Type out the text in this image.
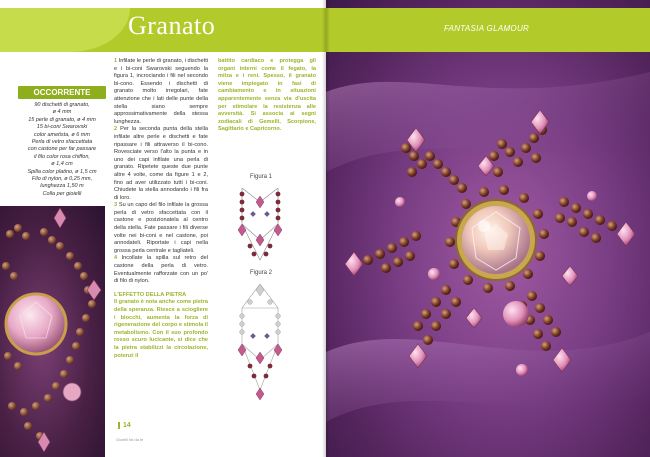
Granato
OCCORRENTE
90 dischetti di granato,
ø 4 mm
15 perle di granato, ø 4 mm
15 bi-coni Swarovski
color ametista, ø 6 mm
Perla di vetro sfaccettata
con castone per far passare
il filo color rosa chiffon,
ø 1,4 cm
Spilla color platino, ø 1,5 cm
Filo di nylon, ø 0,25 mm,
lunghezza 1,50 m
Colla per gioielli

1 Infilate le perle di granato, i dischetti e i bi-coni Swarovski seguendo la figura 1, incrociando i fili nel secondo bi-cono. Essendo i dischetti di granato molto irregolari, fate attenzione che i lati delle punte della stella siano sempre approssimativamente della stessa lunghezza.

2 Per la seconda punta della stella infilate altre perle e dischetti e fate ripassare i fili attraverso il bi-cono. Rovesciate verso l'alto la punta e in uno dei capi infilate una perla di granato. Ripetete queste due punte altre 4 volte, come da figure 1 e 2, fino ad aver utilizzato tutti i bi-coni. Chiudete la stella annodando i fili fra di loro.

3 Su un capo del filo infilate la grossa perla di vetro sfaccettata con il castone e posizionatela al centro della stella. Fate passare i fili diverse volte nei bi-coni e nel castone, poi annodateli. Riportate i capi nella grossa perla centrale e tagliateli.

4 Incollate la spilla sul retro del castone della perla di vetro. Eventualmente rafforzate con un po' di filo di nylon.

L'EFFETTO DELLA PIETRA

Il granato è nota anche come pietra della speranza. Riesce a sciogliere i blocchi, aumenta la forza di rigenerazione del corpo e stimola il metabolismo. Con il suo profondo rosso scuro lucicante, si dice che la pietra stabilizzi la circolazione, potenzi il

battito cardiaco e protegga gli organi interni come il fegato, la milza e i reni. Spesso, il granato viene impiegato in fasi di cambiamento e in situazioni apparentemente senza via d'uscita per stimolare la resistenza alle avversità. Si associa ai segni zodiacali di Gemelli, Scorpione, Sagittario e Capricorno.
Figura 1
Figura 2
14
Gioielli fai da te
FANTASIA GLAMOUR
